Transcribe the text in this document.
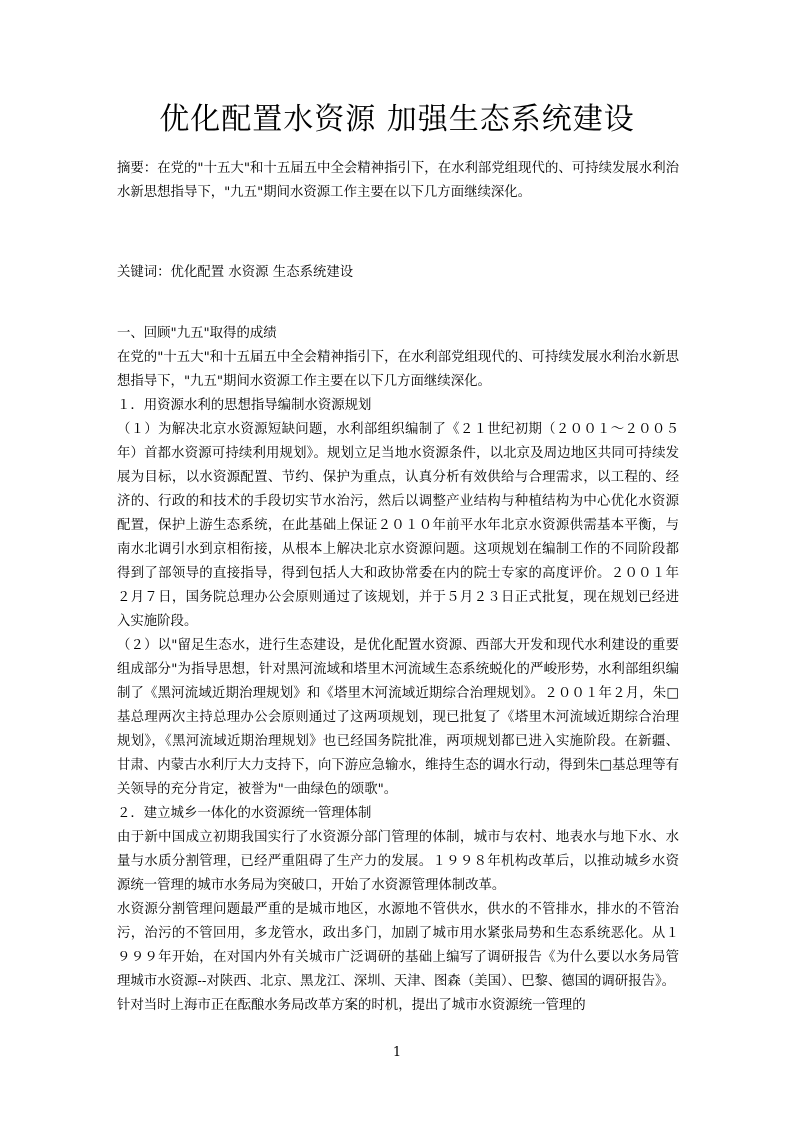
优化配置水资源 加强生态系统建设
摘要：在党的"十五大"和十五届五中全会精神指引下，在水利部党组现代的、可持续发展水利治水新思想指导下，"九五"期间水资源工作主要在以下几方面继续深化。
关键词：优化配置 水资源 生态系统建设

一、回顾"九五"取得的成绩

在党的"十五大"和十五届五中全会精神指引下，在水利部党组现代的、可持续发展水利治水新思想指导下，"九五"期间水资源工作主要在以下几方面继续深化。

１．用资源水利的思想指导编制水资源规划

（１）为解决北京水资源短缺问题，水利部组织编制了《２１世纪初期（２００１～２００５年）首都水资源可持续利用规划》。规划立足当地水资源条件，以北京及周边地区共同可持续发展为目标，以水资源配置、节约、保护为重点，认真分析有效供给与合理需求，以工程的、经济的、行政的和技术的手段切实节水治污，然后以调整产业结构与种植结构为中心优化水资源配置，保护上游生态系统，在此基础上保证２０１０年前平水年北京水资源供需基本平衡，与南水北调引水到京相衔接，从根本上解决北京水资源问题。这项规划在编制工作的不同阶段都得到了部领导的直接指导，得到包括人大和政协常委在内的院士专家的高度评价。２００１年２月７日，国务院总理办公会原则通过了该规划，并于５月２３日正式批复，现在规划已经进入实施阶段。

（２）以"留足生态水，进行生态建设，是优化配置水资源、西部大开发和现代水利建设的重要组成部分"为指导思想，针对黑河流域和塔里木河流域生态系统蜕化的严峻形势，水利部组织编制了《黑河流域近期治理规划》和《塔里木河流域近期综合治理规划》。２００１年２月，朱□基总理两次主持总理办公会原则通过了这两项规划，现已批复了《塔里木河流域近期综合治理规划》，《黑河流域近期治理规划》也已经国务院批准，两项规划都已进入实施阶段。在新疆、甘肃、内蒙古水利厅大力支持下，向下游应急输水，维持生态的调水行动，得到朱□基总理等有关领导的充分肯定，被誉为"一曲绿色的颂歌"。

２．建立城乡一体化的水资源统一管理体制

由于新中国成立初期我国实行了水资源分部门管理的体制，城市与农村、地表水与地下水、水量与水质分割管理，已经严重阻碍了生产力的发展。１９９８年机构改革后，以推动城乡水资源统一管理的城市水务局为突破口，开始了水资源管理体制改革。

水资源分割管理问题最严重的是城市地区，水源地不管供水，供水的不管排水，排水的不管治污，治污的不管回用，多龙管水，政出多门，加剧了城市用水紧张局势和生态系统恶化。从１９９９年开始，在对国内外有关城市广泛调研的基础上编写了调研报告《为什么要以水务局管理城市水资源--对陕西、北京、黑龙江、深圳、天津、图森（美国）、巴黎、德国的调研报告》。

针对当时上海市正在酝酿水务局改革方案的时机，提出了城市水资源统一管理的

1
